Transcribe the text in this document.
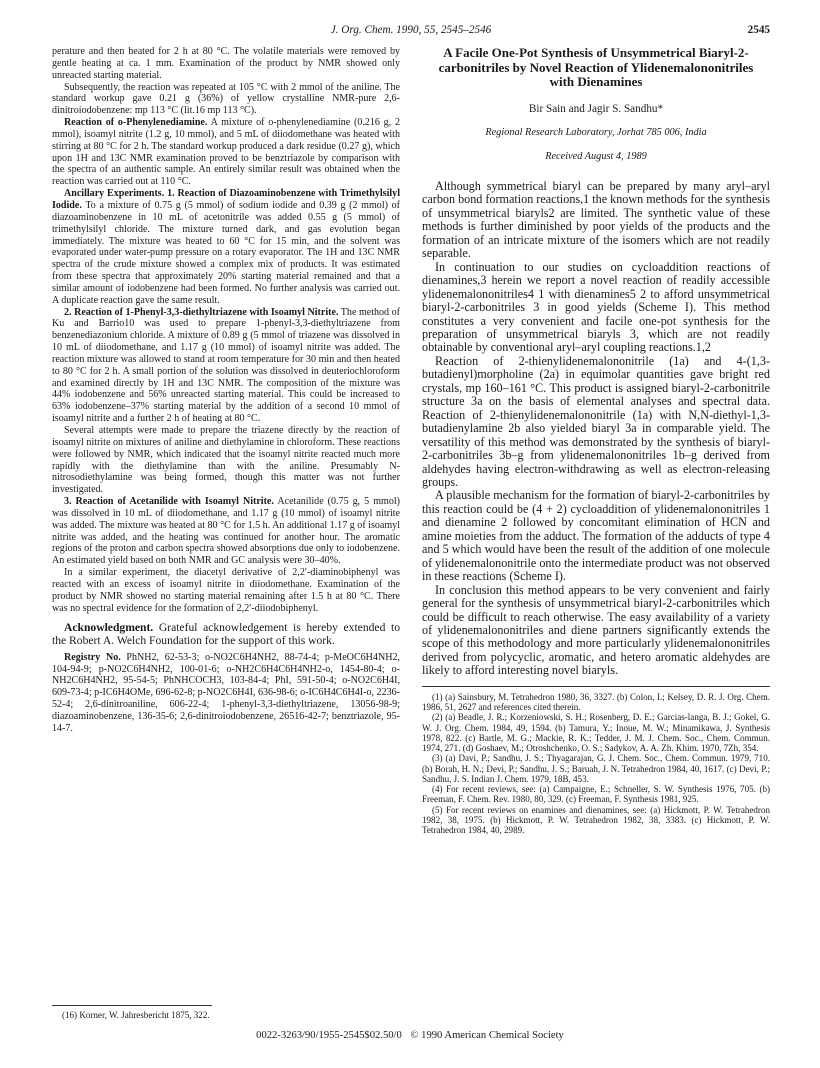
J. Org. Chem. 1990, 55, 2545–2546	2545

perature and then heated for 2 h at 80 °C. The volatile materials were removed by gentle heating at ca. 1 mm. Examination of the product by NMR showed only unreacted starting material.

Subsequently, the reaction was repeated at 105 °C with 2 mmol of the aniline. The standard workup gave 0.21 g (36%) of yellow crystalline NMR-pure 2,6-dinitroiodobenzene: mp 113 °C (lit.16 mp 113 °C).

Reaction of o-Phenylenediamine. A mixture of o-phenylenediamine (0.216 g, 2 mmol), isoamyl nitrite (1.2 g, 10 mmol), and 5 mL of diiodomethane was heated with stirring at 80 °C for 2 h. The standard workup produced a dark residue (0.27 g), which upon 1H and 13C NMR examination proved to be benztriazole by comparison with the spectra of an authentic sample. An entirely similar result was obtained when the reaction was carried out at 110 °C.

Ancillary Experiments. 1. Reaction of Diazoaminobenzene with Trimethylsilyl Iodide. To a mixture of 0.75 g (5 mmol) of sodium iodide and 0.39 g (2 mmol) of diazoaminobenzene in 10 mL of acetonitrile was added 0.55 g (5 mmol) of trimethylsilyl chloride. The mixture turned dark, and gas evolution began immediately. The mixture was heated to 60 °C for 15 min, and the solvent was evaporated under water-pump pressure on a rotary evaporator. The 1H and 13C NMR spectra of the crude mixture showed a complex mix of products. It was estimated from these spectra that approximately 20% starting material remained and that a similar amount of iodobenzene had been formed. No further analysis was carried out. A duplicate reaction gave the same result.

2. Reaction of 1-Phenyl-3,3-diethyltriazene with Isoamyl Nitrite. The method of Ku and Barrio10 was used to prepare 1-phenyl-3,3-diethyltriazene from benzenediazonium chloride. A mixture of 0.89 g (5 mmol of triazene was dissolved in 10 mL of diiodomethane, and 1.17 g (10 mmol) of isoamyl nitrite was added. The reaction mixture was allowed to stand at room temperature for 30 min and then heated to 80 °C for 2 h. A small portion of the solution was dissolved in deuteriochloroform and examined directly by 1H and 13C NMR. The composition of the mixture was 44% iodobenzene and 56% unreacted starting material. This could be increased to 63% iodobenzene–37% starting material by the addition of a second 10 mmol of isoamyl nitrite and a further 2 h of heating at 80 °C.

Several attempts were made to prepare the triazene directly by the reaction of isoamyl nitrite on mixtures of aniline and diethylamine in chloroform. These reactions were followed by NMR, which indicated that the isoamyl nitrite reacted much more rapidly with the diethylamine than with the aniline. Presumably N-nitrosodiethylamine was being formed, though this matter was not further investigated.

3. Reaction of Acetanilide with Isoamyl Nitrite. Acetanilide (0.75 g, 5 mmol) was dissolved in 10 mL of diiodomethane, and 1.17 g (10 mmol) of isoamyl nitrite was added. The mixture was heated at 80 °C for 1.5 h. An additional 1.17 g of isoamyl nitrite was added, and the heating was continued for another hour. The aromatic regions of the proton and carbon spectra showed absorptions due only to iodobenzene. An estimated yield based on both NMR and GC analysis were 30–40%.

In a similar experiment, the diacetyl derivative of 2,2′-diaminobiphenyl was reacted with an excess of isoamyl nitrite in diiodomethane. Examination of the product by NMR showed no starting material remaining after 1.5 h at 80 °C. There was no spectral evidence for the formation of 2,2′-diiodobiphenyl.

Acknowledgment. Grateful acknowledgement is hereby extended to the Robert A. Welch Foundation for the support of this work.

Registry No. PhNH2, 62-53-3; o-NO2C6H4NH2, 88-74-4; p-MeOC6H4NH2, 104-94-9; p-NO2C6H4NH2, 100-01-6; o-NH2C6H4C6H4NH2-o, 1454-80-4; o-NH2C6H4NH2, 95-54-5; PhNHCOCH3, 103-84-4; PhI, 591-50-4; o-NO2C6H4I, 609-73-4; p-IC6H4OMe, 696-62-8; p-NO2C6H4I, 636-98-6; o-IC6H4C6H4I-o, 2236-52-4; 2,6-dinitroaniline, 606-22-4; 1-phenyl-3,3-diethyltriazene, 13056-98-9; diazoaminobenzene, 136-35-6; 2,6-dinitroiodobenzene, 26516-42-7; benztriazole, 95-14-7.

(16) Korner, W. Jahresbericht 1875, 322.

A Facile One-Pot Synthesis of Unsymmetrical Biaryl-2-carbonitriles by Novel Reaction of Ylidenemalononitriles with Dienamines
Bir Sain and Jagir S. Sandhu*
Regional Research Laboratory, Jorhat 785 006, India
Received August 4, 1989

Although symmetrical biaryl can be prepared by many aryl–aryl carbon bond formation reactions,1 the known methods for the synthesis of unsymmetrical biaryls2 are limited. The synthetic value of these methods is further diminished by poor yields of the products and the formation of an intricate mixture of the isomers which are not readily separable.

In continuation to our studies on cycloaddition reactions of dienamines,3 herein we report a novel reaction of readily accessible ylidenemalononitriles4 1 with dienamines5 2 to afford unsymmetrical biaryl-2-carbonitriles 3 in good yields (Scheme I). This method constitutes a very convenient and facile one-pot synthesis for the preparation of unsymmetrical biaryls 3, which are not readily obtainable by conventional aryl–aryl coupling reactions.1,2

Reaction of 2-thienylidenemalononitrile (1a) and 4-(1,3-butadienyl)morpholine (2a) in equimolar quantities gave bright red crystals, mp 160–161 °C. This product is assigned biaryl-2-carbonitrile structure 3a on the basis of elemental analyses and spectral data. Reaction of 2-thienylidenemalononitrile (1a) with N,N-diethyl-1,3-butadienylamine 2b also yielded biaryl 3a in comparable yield. The versatility of this method was demonstrated by the synthesis of biaryl-2-carbonitriles 3b–g from ylidenemalononitriles 1b–g derived from aldehydes having electron-withdrawing as well as electron-releasing groups.

A plausible mechanism for the formation of biaryl-2-carbonitriles by this reaction could be (4 + 2) cycloaddition of ylidenemalononitriles 1 and dienamine 2 followed by concomitant elimination of HCN and amine moieties from the adduct. The formation of the adducts of type 4 and 5 which would have been the result of the addition of one molecule of ylidenemalononitrile onto the intermediate product was not observed in these reactions (Scheme I).

In conclusion this method appears to be very convenient and fairly general for the synthesis of unsymmetrical biaryl-2-carbonitriles which could be difficult to reach otherwise. The easy availability of a variety of ylidenemalononitriles and diene partners significantly extends the scope of this methodology and more particularly ylidenemalononitriles derived from polycyclic, aromatic, and hetero aromatic aldehydes are likely to afford interesting novel biaryls.

(1) (a) Sainsbury, M. Tetrahedron 1980, 36, 3327. (b) Colon, I.; Kelsey, D. R. J. Org. Chem. 1986, 51, 2627 and references cited therein.

(2) (a) Beadle, J. R.; Korzeniowski, S. H.; Rosenberg, D. E.; Garcias-langa, B. J.; Gokel, G. W. J. Org. Chem. 1984, 49, 1594. (b) Tamura, Y.; Inoue, M. W.; Minamikawa, J. Synthesis 1978, 822. (c) Bartle, M. G.; Mackie, R. K.; Tedder, J. M. J. Chem. Soc., Chem. Commun. 1974, 271. (d) Goshaev, M.; Otroshchenko, O. S.; Sadykov, A. A. Zh. Khim. 1970, 7Zh, 354.

(3) (a) Davi, P.; Sandhu, J. S.; Thyagarajan, G. J. Chem. Soc., Chem. Commun. 1979, 710. (b) Borah, H. N.; Devi, P.; Sandhu, J. S.; Baruah, J. N. Tetrahedron 1984, 40, 1617. (c) Devi, P.; Sandhu, J. S. Indian J. Chem. 1979, 18B, 453.

(4) For recent reviews, see: (a) Campaigne, E.; Schneller, S. W. Synthesis 1976, 705. (b) Freeman, F. Chem. Rev. 1980, 80, 329. (c) Freeman, F. Synthesis 1981, 925.

(5) For recent reviews on enamines and dienamines, see: (a) Hickmott, P. W. Tetrahedron 1982, 38, 1975. (b) Hickmott, P. W. Tetrahedron 1982, 38, 3383. (c) Hickmott, P. W. Tetrahedron 1984, 40, 2989.

0022-3263/90/1955-2545$02.50/0 © 1990 American Chemical Society
